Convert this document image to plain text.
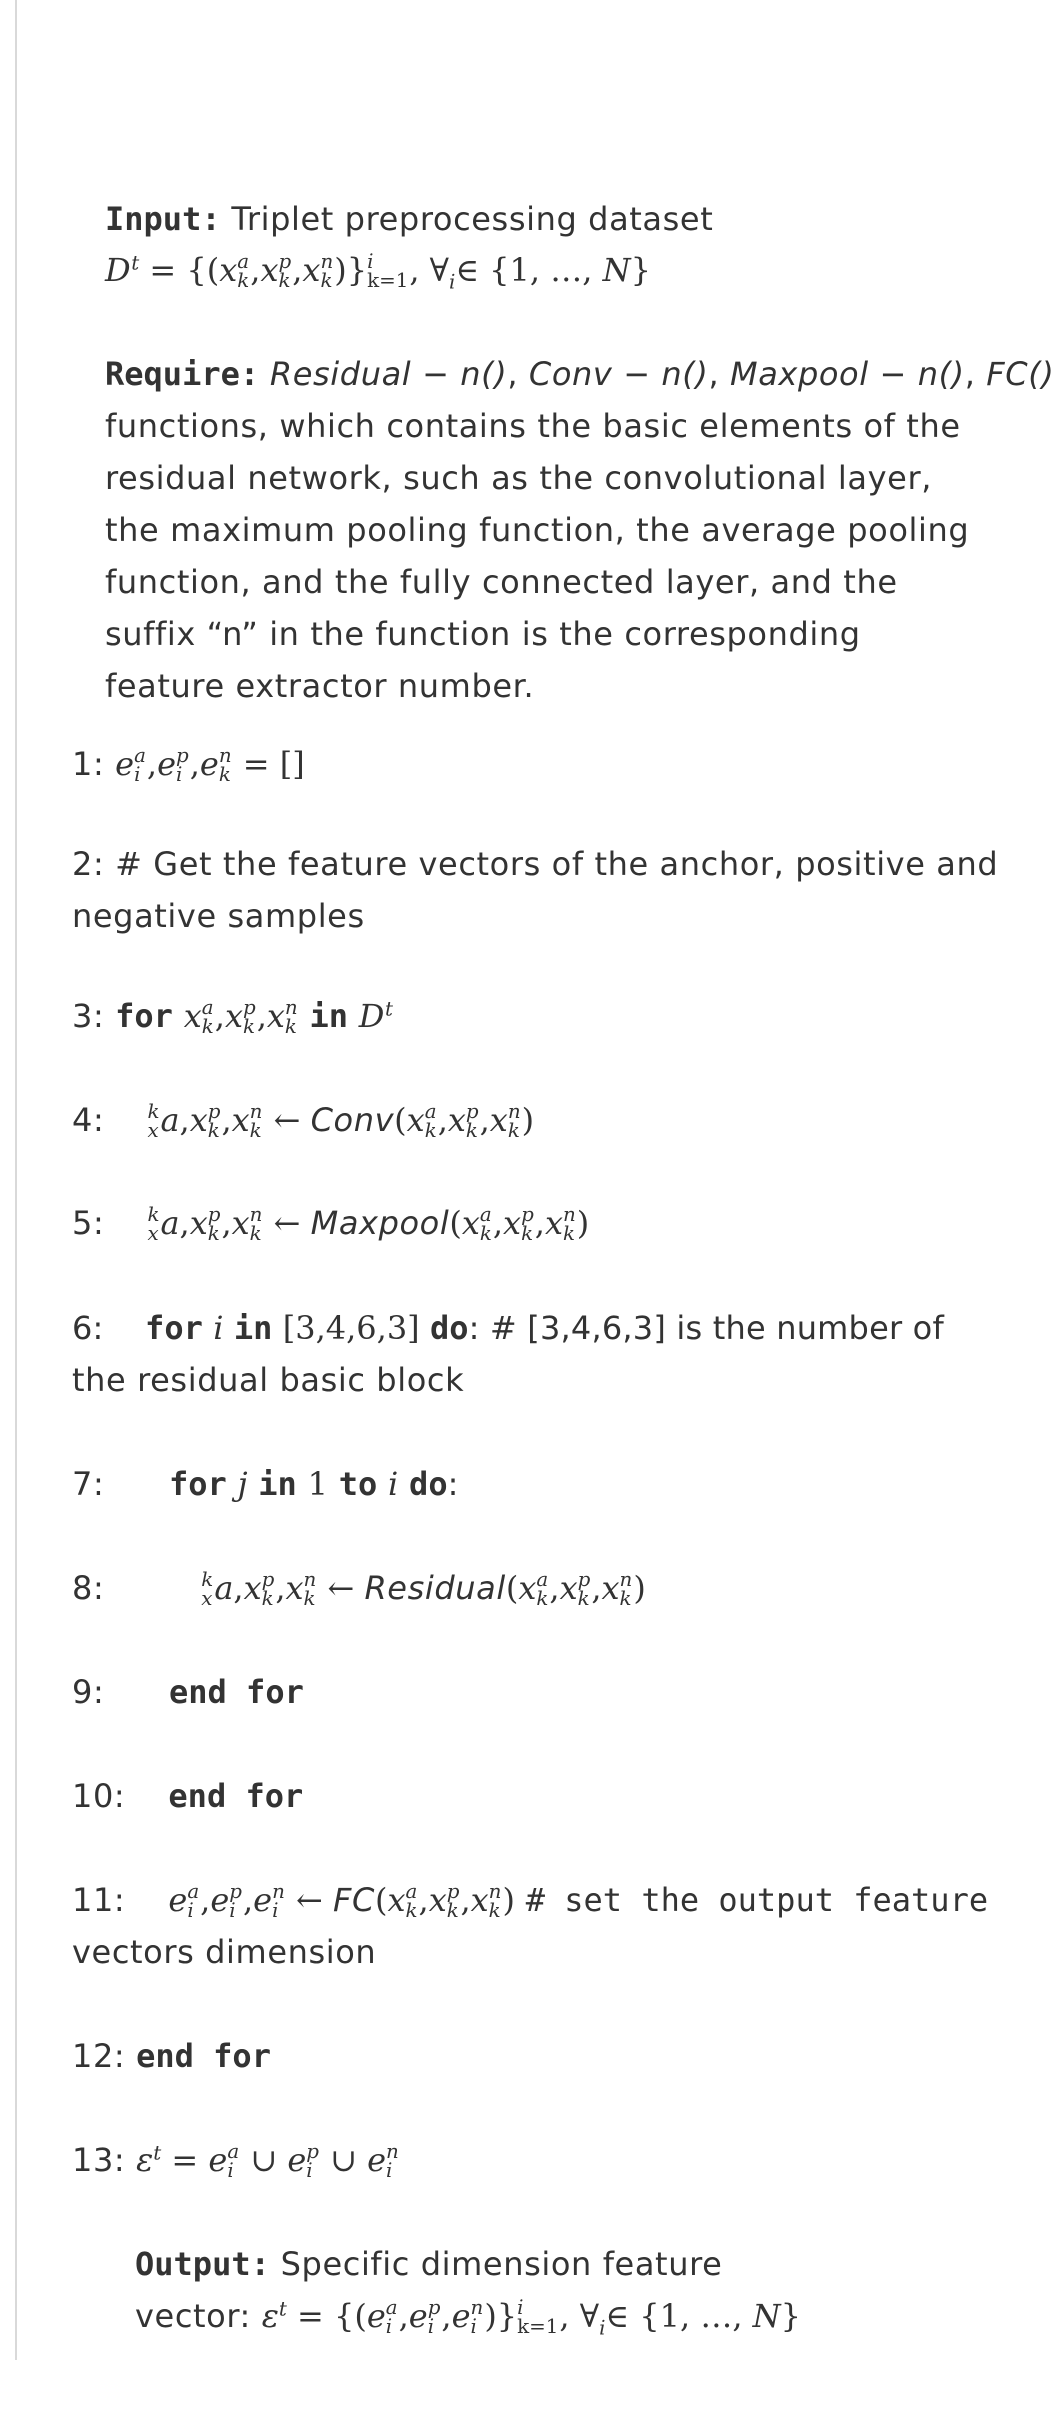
Input: Triplet preprocessing dataset
$D^t = \{(x$ a
k ,x p
k ,x n
k )} i
k=1 , $\forall_i\in$ {1, …, N}
Require: Residual − n(), Conv − n(), Maxpool − n(), FC()
functions, which contains the basic elements of the
residual network, such as the convolutional layer,
the maximum pooling function, the average pooling
function, and the fully connected layer, and the
suffix “n” in the function is the corresponding
feature extractor number.
1: e a
i ,e p
i ,e n
k = []
2: # Get the feature vectors of the anchor, positive and
negative samples
3: for x a
k ,x p
k ,x n
k in $D^t$
4: k
x a,x p
k ,x n
k ← Conv(x a
k ,x p
k ,x n
k )
5: k
x a,x p
k ,x n
k ← Maxpool(x a
k ,x p
k ,x n
k )
6: for i in [3,4,6,3] do: # [3,4,6,3] is the number of
the residual basic block
7: for j in 1 to i do:
8:	k
x a,x p
k ,x n
k ← Residual(x a
k ,x p
k ,x n
k )
9: end for
10: end for
11: e a
i ,e p
i ,e n
i ← FC(x a
k ,x p
k ,x n
k ) # set the output feature
vectors dimension
12: end for
13: $\varepsilon^t = e$ a
i ∪ e p
i ∪ e n
i
Output: Specific dimension feature
vector: $\varepsilon^t = \{(e$ a
i ,e p
i ,e n
i )} i
k=1 , $\forall_i\in$ {1, …, N}
